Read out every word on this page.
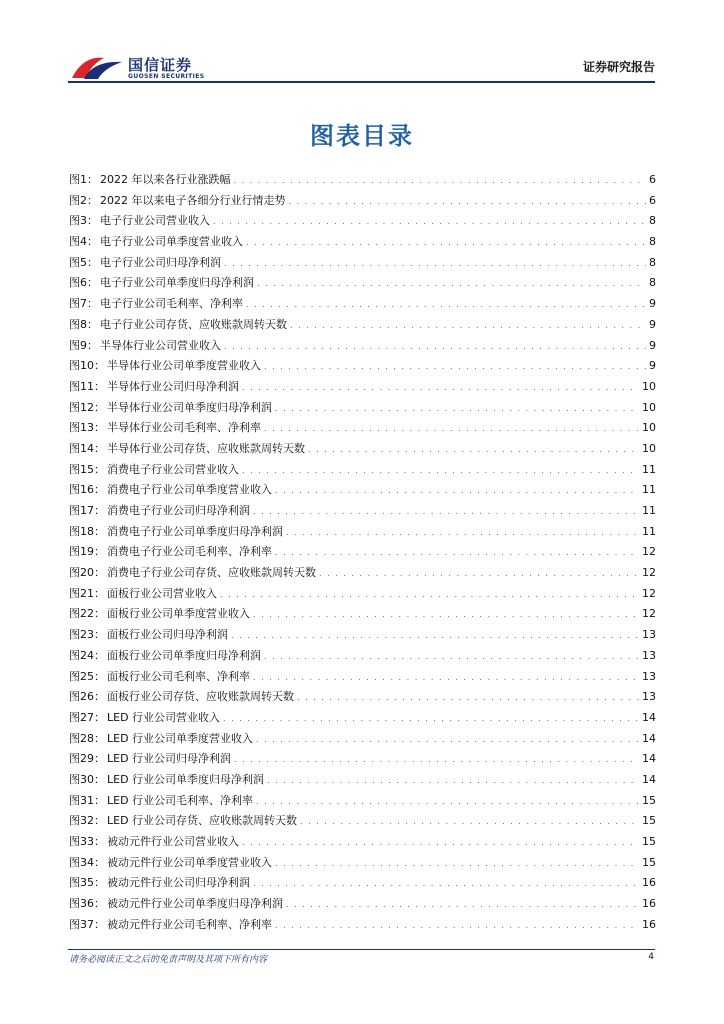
国信证券
GUOSEN SECURITIES
证券研究报告
图表目录
图1： 2022 年以来各行业涨跌幅 . . .	6
图2： 2022 年以来电子各细分行业行情走势 . . .	6
图3： 电子行业公司营业收入 . . .	8
图4： 电子行业公司单季度营业收入 . . .	8
图5： 电子行业公司归母净利润 . . .	8
图6： 电子行业公司单季度归母净利润 . . .	8
图7： 电子行业公司毛利率、净利率 . . .	9
图8： 电子行业公司存货、应收账款周转天数 . . .	9
图9： 半导体行业公司营业收入 . . .	9
图10： 半导体行业公司单季度营业收入 . . .	9
图11： 半导体行业公司归母净利润 . . .	10
图12： 半导体行业公司单季度归母净利润 . . .	10
图13： 半导体行业公司毛利率、净利率 . . .	10
图14： 半导体行业公司存货、应收账款周转天数 . . .	10
图15： 消费电子行业公司营业收入 . . .	11
图16： 消费电子行业公司单季度营业收入 . . .	11
图17： 消费电子行业公司归母净利润 . . .	11
图18： 消费电子行业公司单季度归母净利润 . . .	11
图19： 消费电子行业公司毛利率、净利率 . . .	12
图20： 消费电子行业公司存货、应收账款周转天数 . . .	12
图21： 面板行业公司营业收入 . . .	12
图22： 面板行业公司单季度营业收入 . . .	12
图23： 面板行业公司归母净利润 . . .	13
图24： 面板行业公司单季度归母净利润 . . .	13
图25： 面板行业公司毛利率、净利率 . . .	13
图26： 面板行业公司存货、应收账款周转天数 . . .	13
图27： LED 行业公司营业收入 . . .	14
图28： LED 行业公司单季度营业收入 . . .	14
图29： LED 行业公司归母净利润 . . .	14
图30： LED 行业公司单季度归母净利润 . . .	14
图31： LED 行业公司毛利率、净利率 . . .	15
图32： LED 行业公司存货、应收账款周转天数 . . .	15
图33： 被动元件行业公司营业收入 . . .	15
图34： 被动元件行业公司单季度营业收入 . . .	15
图35： 被动元件行业公司归母净利润 . . .	16
图36： 被动元件行业公司单季度归母净利润 . . .	16
图37： 被动元件行业公司毛利率、净利率 . . .	16
请务必阅读正文之后的免责声明及其项下所有内容	4
